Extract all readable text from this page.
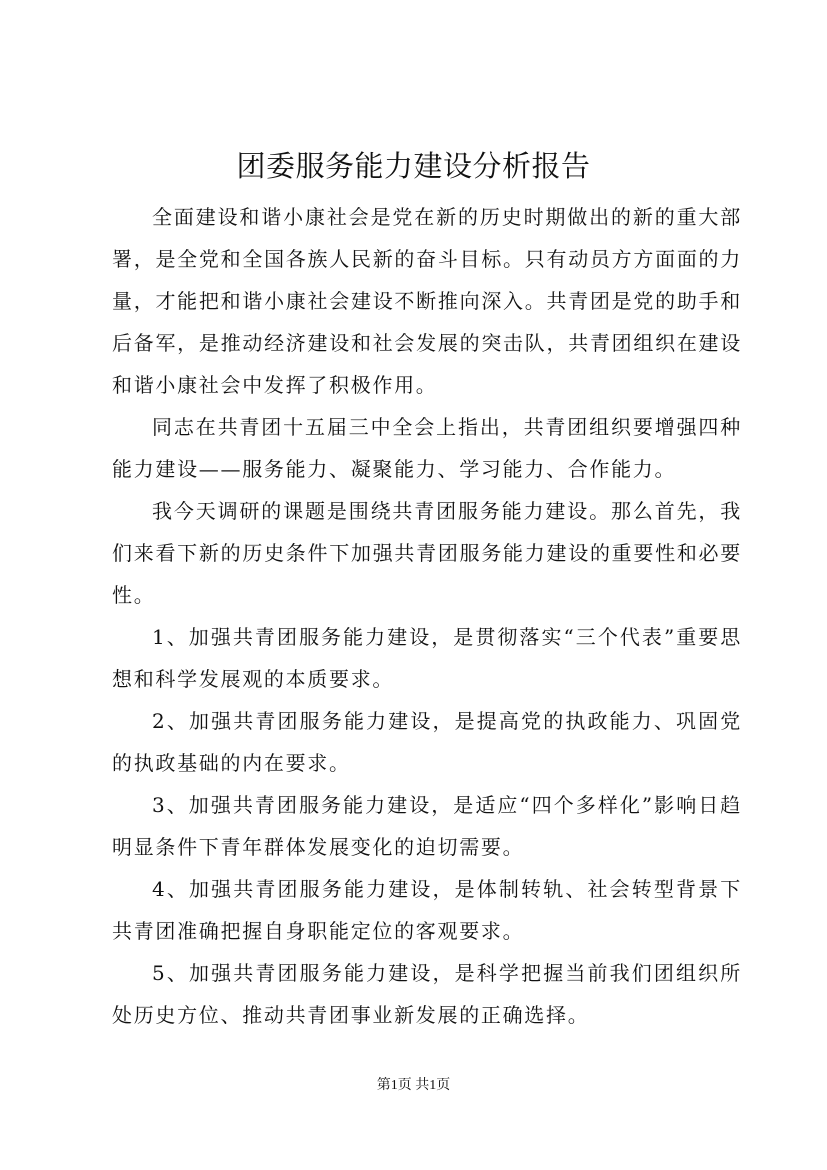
团委服务能力建设分析报告

全面建设和谐小康社会是党在新的历史时期做出的新的重大部署，是全党和全国各族人民新的奋斗目标。只有动员方方面面的力量，才能把和谐小康社会建设不断推向深入。共青团是党的助手和后备军，是推动经济建设和社会发展的突击队，共青团组织在建设和谐小康社会中发挥了积极作用。

同志在共青团十五届三中全会上指出，共青团组织要增强四种能力建设——服务能力、凝聚能力、学习能力、合作能力。

我今天调研的课题是围绕共青团服务能力建设。那么首先，我们来看下新的历史条件下加强共青团服务能力建设的重要性和必要性。

1、加强共青团服务能力建设，是贯彻落实“三个代表”重要思想和科学发展观的本质要求。

2、加强共青团服务能力建设，是提高党的执政能力、巩固党的执政基础的内在要求。

3、加强共青团服务能力建设，是适应“四个多样化”影响日趋明显条件下青年群体发展变化的迫切需要。

4、加强共青团服务能力建设，是体制转轨、社会转型背景下共青团准确把握自身职能定位的客观要求。

5、加强共青团服务能力建设，是科学把握当前我们团组织所处历史方位、推动共青团事业新发展的正确选择。

第1页 共1页
